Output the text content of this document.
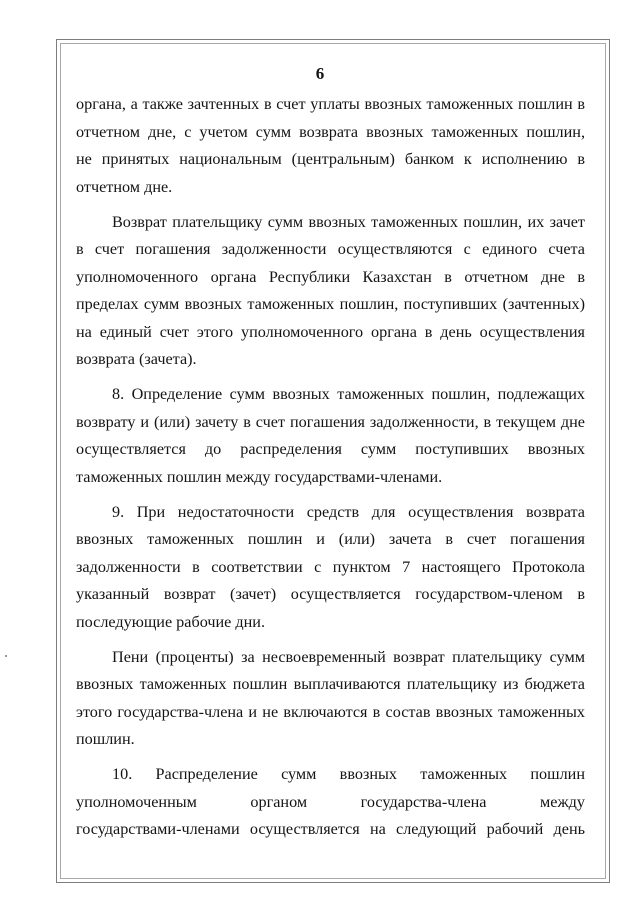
6
органа, а также зачтенных в счет уплаты ввозных таможенных пошлин в
отчетном дне, с учетом сумм возврата ввозных таможенных пошлин,
не принятых национальным (центральным) банком к исполнению в
отчетном дне.
Возврат плательщику сумм ввозных таможенных пошлин, их зачет
в счет погашения задолженности осуществляются с единого счета
уполномоченного органа Республики Казахстан в отчетном дне в
пределах сумм ввозных таможенных пошлин, поступивших (зачтенных)
на единый счет этого уполномоченного органа в день осуществления
возврата (зачета).
8. Определение сумм ввозных таможенных пошлин, подлежащих
возврату и (или) зачету в счет погашения задолженности, в текущем дне
осуществляется до распределения сумм поступивших ввозных
таможенных пошлин между государствами-членами.
9. При недостаточности средств для осуществления возврата
ввозных таможенных пошлин и (или) зачета в счет погашения
задолженности в соответствии с пунктом 7 настоящего Протокола
указанный возврат (зачет) осуществляется государством-членом в
последующие рабочие дни.
Пени (проценты) за несвоевременный возврат плательщику сумм
ввозных таможенных пошлин выплачиваются плательщику из бюджета
этого государства-члена и не включаются в состав ввозных таможенных
пошлин.
10. Распределение сумм ввозных таможенных пошлин
уполномоченным органом государства-члена между
государствами-членами осуществляется на следующий рабочий день
